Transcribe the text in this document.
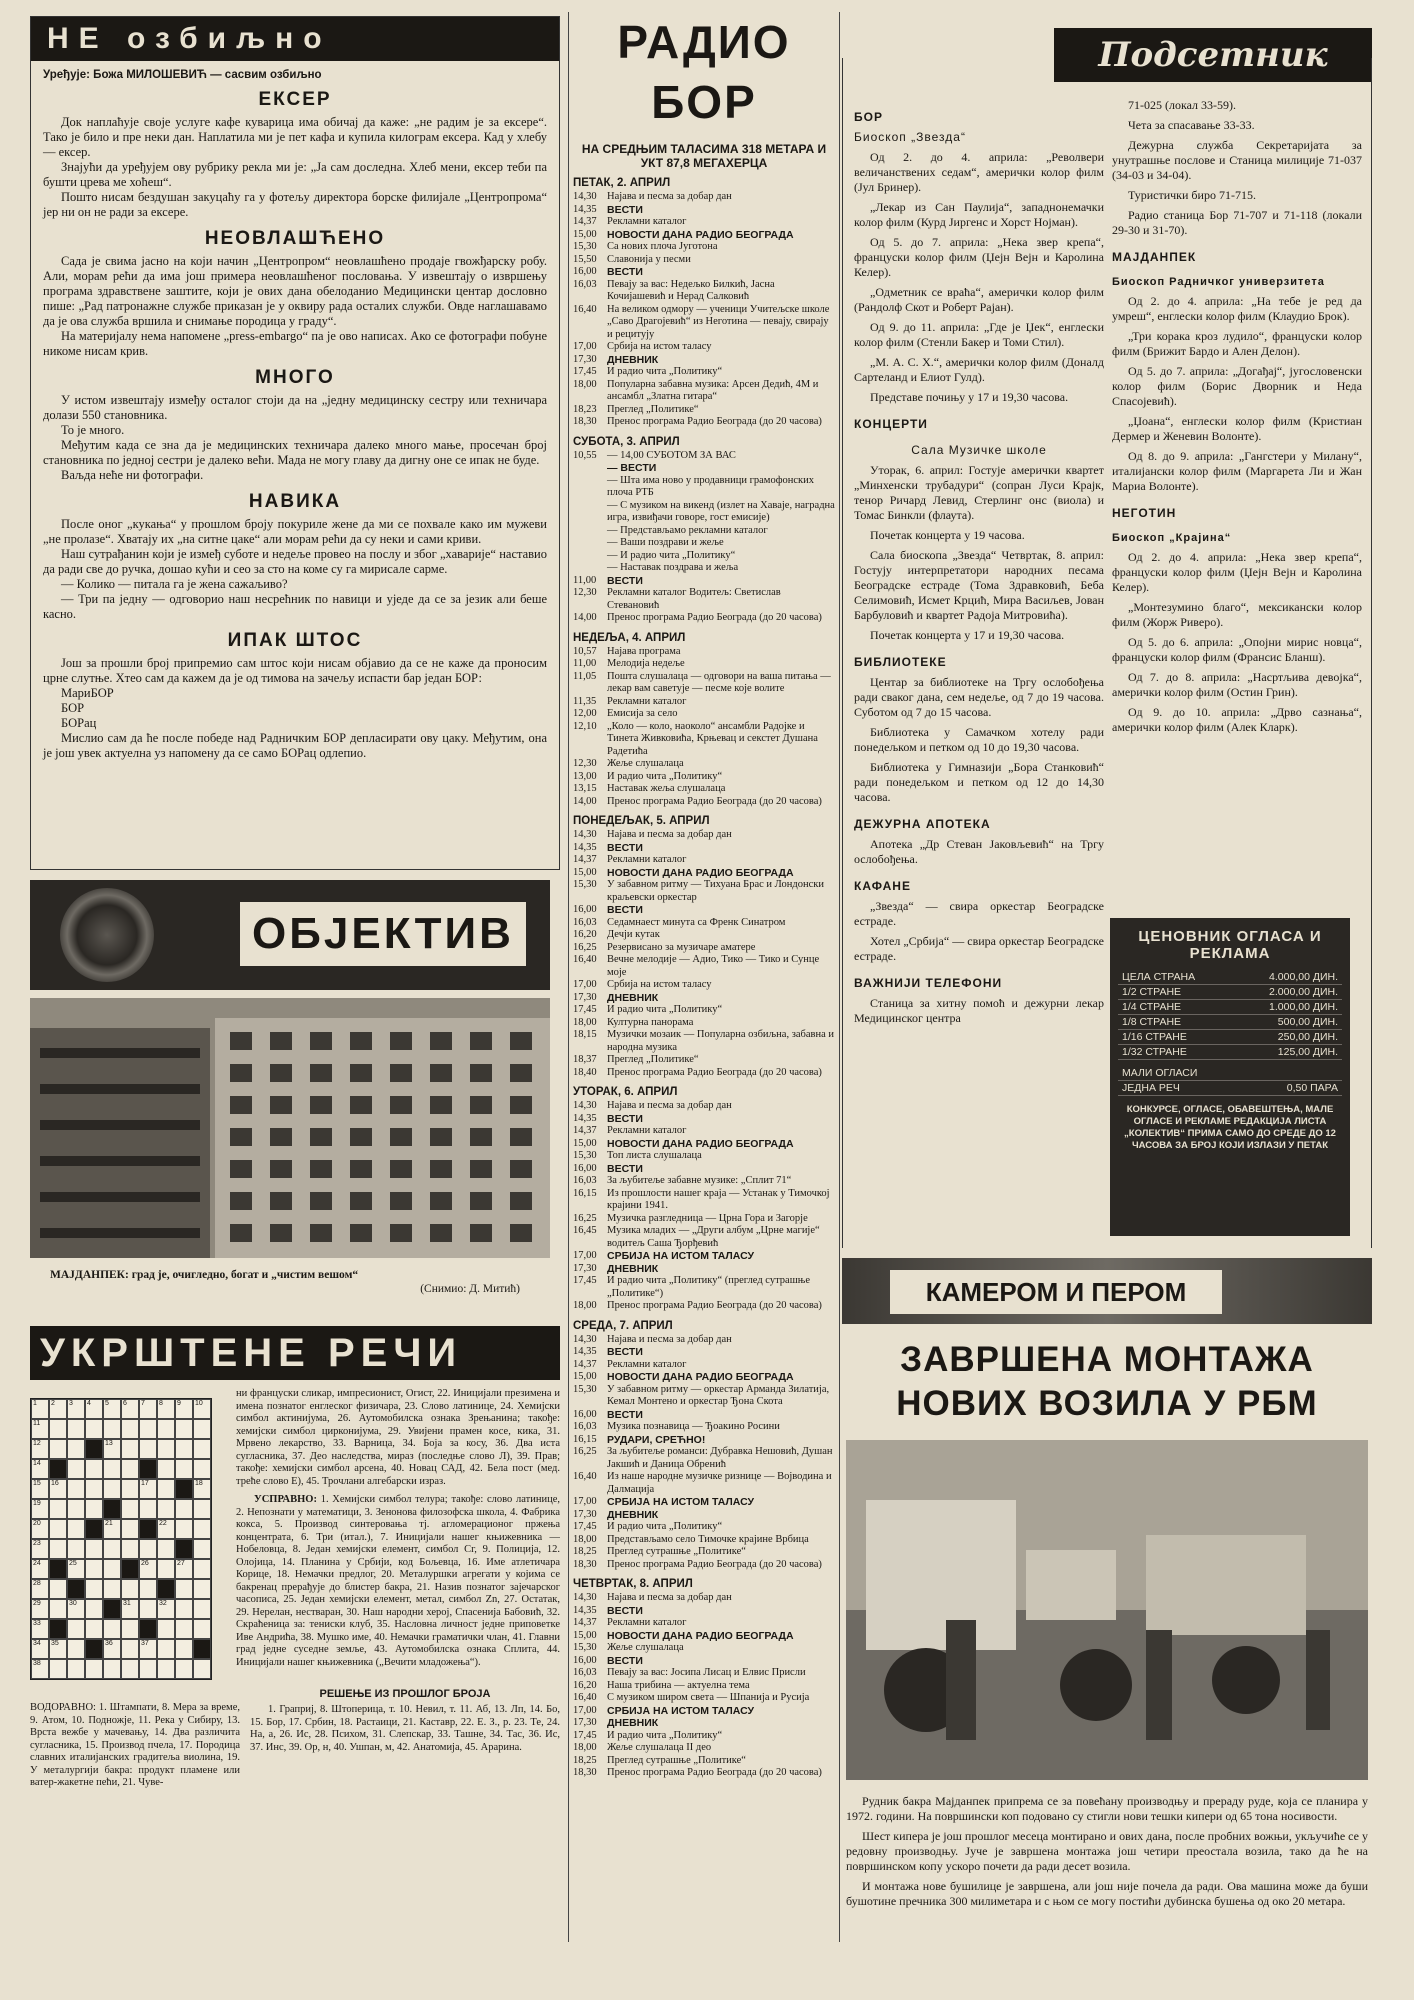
НЕ озбиљно
Уређује: Божа МИЛОШЕВИЋ — сасвим озбиљно
ЕКСЕР

Док наплаћује своје услуге кафе куварица има обичај да каже: „не радим је за ексере“. Тако је било и пре неки дан. Наплатила ми је пет кафа и купила килограм ексера. Кад у хлебу — ексер.

Знајући да уређујем ову рубрику рекла ми је: „Ја сам доследна. Хлеб мени, ексер теби па бушти црева ме хоћеш“.

Пошто нисам бездушан закуцаћу га у фотељу директора борске филијале „Центропрома“ јер ни он не ради за ексере.

НЕОВЛАШЋЕНО

Сада је свима јасно на који начин „Центропром“ неовлашћено продаје гвожђарску робу. Али, морам рећи да има још примера неовлашћеног пословања. У извештају о извршењу програма здравствене заштите, који је ових дана обелоданио Медицински центар дословно пише: „Рад патронажне службе приказан је у оквиру рада осталих служби. Овде наглашавамо да је ова служба вршила и снимање породица у граду“.

На материјалу нема напомене „press-embargo“ па је ово написах. Ако се фотографи побуне никоме нисам крив.

МНОГО

У истом извештају између осталог стоји да на „једну медицинску сестру или техничара долази 550 становника.

То је много.

Међутим када се зна да је медицинских техничара далеко много мање, просечан број становника по једној сестри је далеко већи. Мада не могу главу да дигну оне се ипак не буде.

Ваљда неће ни фотографи.

НАВИКА

После оног „кукања“ у прошлом броју покуриле жене да ми се похвале како им мужеви „не пролазе“. Хватају их „на ситне цаке“ али морам рећи да су неки и сами криви.

Наш сутрађанин који је измеђ суботе и недеље провео на послу и због „хаварије“ наставио да ради све до ручка, дошао кући и сео за сто на коме су га мирисале сарме.

— Колико — питала га је жена сажаљиво?

— Три па једну — одговорио наш несрећник по навици и уједе да се за језик али беше касно.

ИПАК ШТОС

Још за прошли број припремио сам штос који нисам објавио да се не каже да проносим црне слутње. Хтео сам да кажем да је од тимова на зачељу испасти бар један БОР:

МариБОР

БОР

БОРац

Мислио сам да ће после победе над Радничким БОР деплаcирати ову цаку. Међутим, она је још увек актуелна уз напомену да се само БОРац одлепио.

ОБЈЕКТИВ
МАЈДАНПЕК: град је, очигледно, богат и „чистим вешом“
(Снимио: Д. Митић)
УКРШТЕНЕ РЕЧИ
1 2 3 4 5 6 7 8 9 10
11
12	13
14
15 16	17	18
19
20	21	22
23
24	25	26	27
28
29	30	31	32
33
34 35	36	37
38

ни француски сликар, импресионист, Огист, 22. Иницијали презимена и имена познатог енглеског физичара, 23. Слово латинице, 24. Хемијски симбол актинијума, 26. Аутомобилска ознака Зрењанина; такође: хемијски симбол цирконијума, 29. Увијени прамен косе, кика, 31. Мрвено лекарство, 33. Варница, 34. Боја за косу, 36. Два иста сугласника, 37. Део наследства, мираз (последње слово Л), 39. Прав; такође: хемијски симбол арсена, 40. Новац САД, 42. Бела пост (мед. треће слово Е), 45. Трочлани алгебарски израз.

УСПРАВНО: 1. Хемијски симбол телура; такође: слово латинице, 2. Непознати у математици, 3. Зенонова филозофска школа, 4. Фабрика кокса, 5. Производ синтеровања тј. агломерационог пржења концентрата, 6. Три (итал.), 7. Иницијали нашег књижевника — Нобеловца, 8. Један хемијски елемент, симбол Сг, 9. Полиција, 12. Олојица, 14. Планина у Србији, код Бољевца, 16. Име атлетичара Корице, 18. Немачки предлог, 20. Металуршки агрегати у којима се бакренац прерађује до блистер бакра, 21. Назив познатог зајечарског часописа, 25. Један хемијски елемент, метал, симбол Zn, 27. Остатак, 29. Нерелан, нестваран, 30. Наш народни херој, Спасенија Бабовић, 32. Скраћеница за: тениски клуб, 35. Насловна личност једне приповетке Иве Андрића, 38. Мушко име, 40. Немачки граматички члан, 41. Главни град једне суседне земље, 43. Аутомобилска ознака Сплита, 44. Иницијали нашег књижевника („Вечити младожења“).

ВОДОРАВНО: 1. Штампати, 8. Мера за време, 9. Атом, 10. Подножје, 11. Река у Сибиру, 13. Врста вежбе у мачевању, 14. Два различита сугласника, 15. Производ пчела, 17. Породица славних италијанских градитеља виолина, 19. У металургији бакра: продукт пламене или ватер-жакетне пећи, 21. Чуве-

РЕШЕЊЕ ИЗ ПРОШЛОГ БРОЈА

1. Граприј, 8. Штоперица, т. 10. Невил, т. 11. Аб, 13. Лп, 14. Бо, 15. Бор, 17. Србин, 18. Растаици, 21. Каставр, 22. Е. З., р. 23. Те, 24. На, а, 26. Ис, 28. Психом, 31. Слепскар, 33. Ташне, 34. Тас, 36. Ис, 37. Инс, 39. Ор, н, 40. Ушпан, м, 42. Анатомија, 45. Арарина.

РАДИО БОР
НА СРЕДЊИМ ТАЛАСИМА 318 МЕТАРА И УКТ 87,8 МЕГАХЕРЦА
ПЕТАК, 2. АПРИЛ
14,30 Најава и песма за добар дан
14,35 ВЕСТИ
14,37 Рекламни каталог
15,00 НОВОСТИ ДАНА РАДИО БЕОГРАДА
15,30 Са нових плоча Југотона
15,50 Славонија у песми
16,00 ВЕСТИ
16,03 Певају за вас: Недељко Билкић, Јасна Кочијашевић и Нерад Салковић
16,40 На великом одмору — ученици Учитељске школе „Саво Драгојевић“ из Неготина — певају, свирају и рецитују
17,00 Србија на истом таласу
17,30 ДНЕВНИК
17,45 И радио чита „Политику“
18,00 Популарна забавна музика: Арсен Дедић, 4М и ансамбл „Златна гитара“
18,23 Преглед „Политике“
18,30 Пренос програма Радио Београда (до 20 часова)
СУБОТА, 3. АПРИЛ
10,55 — 14,00 СУБОТОМ ЗА ВАС
— ВЕСТИ
— Шта има ново у продавници грамофонских плоча РТБ
— С музиком на викенд (излет на Хаваје, наградна игра, извиђачи говоре, гост емисије)
— Представљамо рекламни каталог
— Ваши поздрави и жеље
— И радио чита „Политику“
— Наставак поздрава и жеља
11,00	ВЕСТИ
12,30 Рекламни каталог Водитељ: Светислав Стевановић
14,00 Пренос програма Радио Београда (до 20 часова)
НЕДЕЉА, 4. АПРИЛ
10,57 Најава програма
11,00	Мелодија недеље
11,05	Пошта слушалаца — одговори на ваша питања — лекар вам саветује — песме које волите
11,35	Рекламни каталог
12,00 Емисија за село
12,10 „Коло — коло, наоколо“ ансамбли Радојке и Тинета Живковића, Крњевац и секстет Душана Радетића
12,30 Жеље слушалаца
13,00 И радио чита „Политику“
13,15 Наставак жеља слушалаца
14,00 Пренос програма Радио Београда (до 20 часова)
ПОНЕДЕЉАК, 5. АПРИЛ
14,30 Најава и песма за добар дан
14,35 ВЕСТИ
14,37 Рекламни каталог
15,00 НОВОСТИ ДАНА РАДИО БЕОГРАДА
15,30 У забавном ритму — Тихуана Брас и Лондонски краљевски оркестар
16,00 ВЕСТИ
16,03 Седамнаест минута са Френк Синатром
16,20 Дечји кутак
16,25 Резервисано за музичаре аматере
16,40 Вечне мелодије — Адио, Тико — Тико и Сунце моје
17,00 Србија на истом таласу
17,30 ДНЕВНИК
17,45 И радио чита „Политику“
18,00 Културна панорама
18,15 Музички мозаик — Популарна озбиљна, забавна и народна музика
18,37 Преглед „Политике“
18,40 Пренос програма Радио Београда (до 20 часова)
УТОРАК, 6. АПРИЛ
14,30 Најава и песма за добар дан
14,35 ВЕСТИ
14,37 Рекламни каталог
15,00 НОВОСТИ ДАНА РАДИО БЕОГРАДА
15,30 Топ листа слушалаца
16,00 ВЕСТИ
16,03 За љубитеље забавне музике: „Сплит 71“
16,15 Из прошлости нашег краја — Устанак у Тимочкој крајини 1941.
16,25 Музичка разгледница — Црна Гора и Загорје
16,45 Музика младих — „Други албум „Црне магије“ водитељ Саша Ђорђевић
17,00 СРБИЈА НА ИСТОМ ТАЛАСУ
17,30 ДНЕВНИК
17,45 И радио чита „Политику“ (преглед сутрашње „Политике“)
18,00 Пренос програма Радио Београда (до 20 часова)
СРЕДА, 7. АПРИЛ
14,30 Најава и песма за добар дан
14,35 ВЕСТИ
14,37 Рекламни каталог
15,00 НОВОСТИ ДАНА РАДИО БЕОГРАДА
15,30 У забавном ритму — оркестар Арманда Зилатија, Кемал Монтено и оркестар Ђона Скота
16,00 ВЕСТИ
16,03 Музика познавица — Ђоакино Росини
16,15 РУДАРИ, СРЕЋНО!
16,25 За љубитеље романси: Дубравка Нешовић, Душан Јакшић и Даница Обренић
16,40 Из наше народне музичке ризнице — Војводина и Далмација
17,00 СРБИЈА НА ИСТОМ ТАЛАСУ
17,30 ДНЕВНИК
17,45 И радио чита „Политику“
18,00 Представљамо село Тимочке крајине Врбица
18,25 Преглед сутрашње „Политике“
18,30 Пренос програма Радио Београда (до 20 часова)
ЧЕТВРТАК, 8. АПРИЛ
14,30 Најава и песма за добар дан
14,35 ВЕСТИ
14,37 Рекламни каталог
15,00 НОВОСТИ ДАНА РАДИО БЕОГРАДА
15,30 Жеље слушалаца
16,00 ВЕСТИ
16,03 Певају за вас: Јосипа Лисац и Елвис Присли
16,20 Наша трибина — актуелна тема
16,40 С музиком широм света — Шпанија и Русија
17,00 СРБИЈА НА ИСТОМ ТАЛАСУ
17,30 ДНЕВНИК
17,45 И радио чита „Политику“
18,00 Жеље слушалаца II део
18,25 Преглед сутрашње „Политике“
18,30 Пренос програма Радио Београда (до 20 часова)
Подсетник
БОР
Биоскоп „Звезда“

Од 2. до 4. априла: „Револвери величанствених седам“, амерички колор филм (Јул Бринер).

„Лекар из Сан Паулија“, западнонемачки колор филм (Курд Јиргенс и Хорст Нојман).

Од 5. до 7. априла: „Нека звер крепа“, француски колор филм (Џејн Вејн и Каролина Келер).

„Одметник се враћа“, амерички колор филм (Рандолф Скот и Роберт Рајан).

Од 9. до 11. априла: „Где је Џек“, енглески колор филм (Стенли Бакер и Томи Стил).

„М. А. С. Х.“, амерички колор филм (Доналд Сартеланд и Елиот Гулд).

Представе почињу у 17 и 19,30 часова.

КОНЦЕРТИ
Сала Музичке школе

Уторак, 6. април: Гостује амерички квартет „Минхенски трубадури“ (сопран Луси Крајк, тенор Ричард Левид, Стерлинг онс (виола) и Томас Бинкли (флаута).

Почетак концерта у 19 часова.

Сала биоскопа „Звезда“ Четвртак, 8. април: Гостују интерпретатори народних песама Београдске естраде (Тома Здравковић, Беба Селимовић, Исмет Крцић, Мира Васиљев, Јован Барбуловић и квартет Радоја Митровића).

Почетак концерта у 17 и 19,30 часова.

БИБЛИОТЕКЕ

Центар за библиотеке на Тргу ослобођења ради сваког дана, сем недеље, од 7 до 19 часова. Суботом од 7 до 15 часова.

Библиотека у Самачком хотелу ради понедељком и петком од 10 до 19,30 часова.

Библиотека у Гимназији „Бора Станковић“ ради понедељком и петком од 12 до 14,30 часова.

ДЕЖУРНА АПОТЕКА

Апотека „Др Стеван Јаковљевић“ на Тргу ослобођења.

КАФАНЕ

„Звезда“ — свира оркестар Београдске естраде.

Хотел „Србија“ — свира оркестар Београдске естраде.

ВАЖНИЈИ ТЕЛЕФОНИ

Станица за хитну помоћ и дежурни лекар Медицинског центра

71-025 (локал 33-59).

Чета за спасавање 33-33.

Дежурна служба Секретаријата за унутрашње послове и Станица милиције 71-037 (34-03 и 34-04).

Туристички биро 71-715.

Радио станица Бор 71-707 и 71-118 (локали 29-30 и 31-70).

МАЈДАНПЕК
Биоскоп Радничког универзитета

Од 2. до 4. априла: „На тебе је ред да умреш“, енглески колор филм (Клаудио Брок).

„Три корака кроз лудило“, француски колор филм (Брижит Бардо и Ален Делон).

Од 5. до 7. априла: „Догађај“, југословенски колор филм (Борис Дворник и Неда Спасојевић).

„Џоана“, енглески колор филм (Кристиан Дермер и Женевин Волонте).

Од 8. до 9. априла: „Гангстери у Милану“, италијански колор филм (Маргарета Ли и Жан Мариа Волонте).

НЕГОТИН
Биоскоп „Крајина“

Од 2. до 4. априла: „Нека звер крепа“, француски колор филм (Џејн Вејн и Каролина Келер).

„Монтезумино благо“, мексикански колор филм (Жорж Риверо).

Од 5. до 6. априла: „Опојни мирис новца“, француски колор филм (Франсис Бланш).

Од 7. до 8. априла: „Насртљива девојка“, амерички колор филм (Остин Грин).

Од 9. до 10. априла: „Дрво сазнања“, амерички колор филм (Алек Кларк).

ЦЕНОВНИК ОГЛАСА И РЕКЛАМА
ЦЕЛА СТРАНА	4.000,00 ДИН.
1/2 СТРАНЕ	2.000,00 ДИН.
1/4 СТРАНЕ	1.000,00 ДИН.
1/8 СТРАНЕ	500,00 ДИН.
1/16 СТРАНЕ	250,00 ДИН.
1/32 СТРАНЕ	125,00 ДИН.
МАЛИ ОГЛАСИ	
ЈЕДНА РЕЧ	0,50 ПАРА
КОНКУРСЕ, ОГЛАСЕ, ОБАВЕШТЕЊА, МАЛЕ ОГЛАСЕ И РЕКЛАМЕ РЕДАКЦИЈА ЛИСТА „КОЛЕКТИВ“ ПРИМА САМО ДО СРЕДЕ ДО 12 ЧАСОВА ЗА БРОЈ КОЈИ ИЗЛАЗИ У ПЕТАК
КАМЕРОМ И ПЕРОМ
ЗАВРШЕНА МОНТАЖА НОВИХ ВОЗИЛА У РБМ

Рудник бакра Мајданпек припрема се за повећану производњу и прераду руде, која се планира у 1972. години. На површински коп подовано су стигли нови тешки кипери од 65 тона носивости.

Шест кипера је још прошлог месеца монтирано и ових дана, после пробних вожњи, укључиће се у редовну производњу. Јуче је завршена монтажа још четири преостала возила, тако да ће на површинском копу ускоро почети да ради десет возила.

И монтажа нове бушилице је завршена, али још није почела да ради. Ова машина може да буши бушотине пречника 300 милиметара и с њом се могу постићи дубинска бушења од око 20 метара.
